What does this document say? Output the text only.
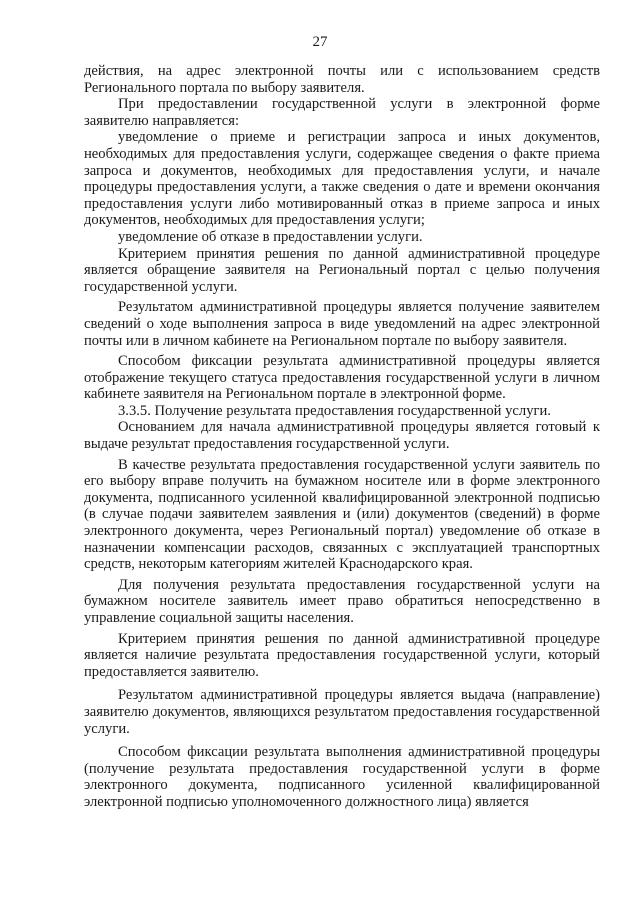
27

действия, на адрес электронной почты или с использованием средств Регионального портала по выбору заявителя.

При предоставлении государственной услуги в электронной форме заявителю направляется:

уведомление о приеме и регистрации запроса и иных документов, необходимых для предоставления услуги, содержащее сведения о факте приема запроса и документов, необходимых для предоставления услуги, и начале процедуры предоставления услуги, а также сведения о дате и времени окончания предоставления услуги либо мотивированный отказ в приеме запроса и иных документов, необходимых для предоставления услуги;

уведомление об отказе в предоставлении услуги.

Критерием принятия решения по данной административной процедуре является обращение заявителя на Региональный портал с целью получения государственной услуги.

Результатом административной процедуры является получение заявителем сведений о ходе выполнения запроса в виде уведомлений на адрес электронной почты или в личном кабинете на Региональном портале по выбору заявителя.

Способом фиксации результата административной процедуры является отображение текущего статуса предоставления государственной услуги в личном кабинете заявителя на Региональном портале в электронной форме.

3.3.5. Получение результата предоставления государственной услуги.

Основанием для начала административной процедуры является готовый к выдаче результат предоставления государственной услуги.

В качестве результата предоставления государственной услуги заявитель по его выбору вправе получить на бумажном носителе или в форме электронного документа, подписанного усиленной квалифицированной электронной подписью (в случае подачи заявителем заявления и (или) документов (сведений) в форме электронного документа, через Региональный портал) уведомление об отказе в назначении компенсации расходов, связанных с эксплуатацией транспортных средств, некоторым категориям жителей Краснодарского края.

Для получения результата предоставления государственной услуги на бумажном носителе заявитель имеет право обратиться непосредственно в управление социальной защиты населения.

Критерием принятия решения по данной административной процедуре является наличие результата предоставления государственной услуги, который предоставляется заявителю.

Результатом административной процедуры является выдача (направление) заявителю документов, являющихся результатом предоставления государственной услуги.

Способом фиксации результата выполнения административной процедуры (получение результата предоставления государственной услуги в форме электронного документа, подписанного усиленной квалифицированной электронной подписью уполномоченного должностного лица) является
